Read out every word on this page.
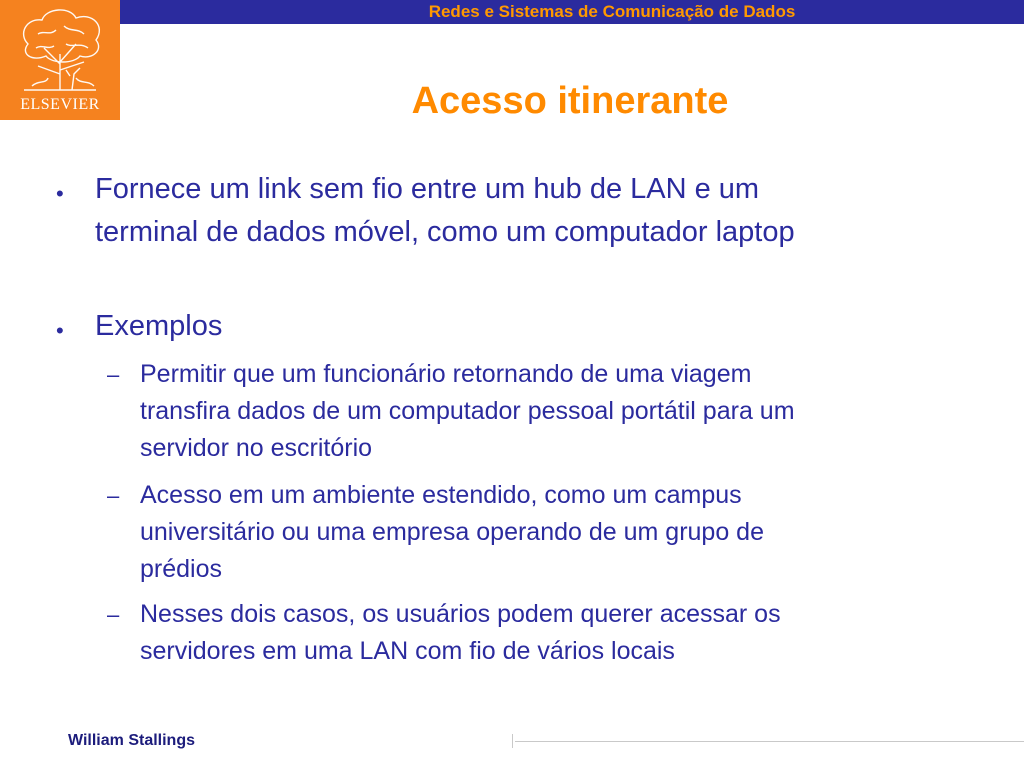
Redes e Sistemas de Comunicação de Dados
ELSEVIER	Acesso itinerante
• Fornece um link sem fio entre um hub de LAN e um
terminal de dados móvel, como um computador laptop
• Exemplos
– Permitir que um funcionário retornando de uma viagem
transfira dados de um computador pessoal portátil para um
servidor no escritório
– Acesso em um ambiente estendido, como um campus
universitário ou uma empresa operando de um grupo de
prédios
– Nesses dois casos, os usuários podem querer acessar os
servidores em uma LAN com fio de vários locais
William Stallings
